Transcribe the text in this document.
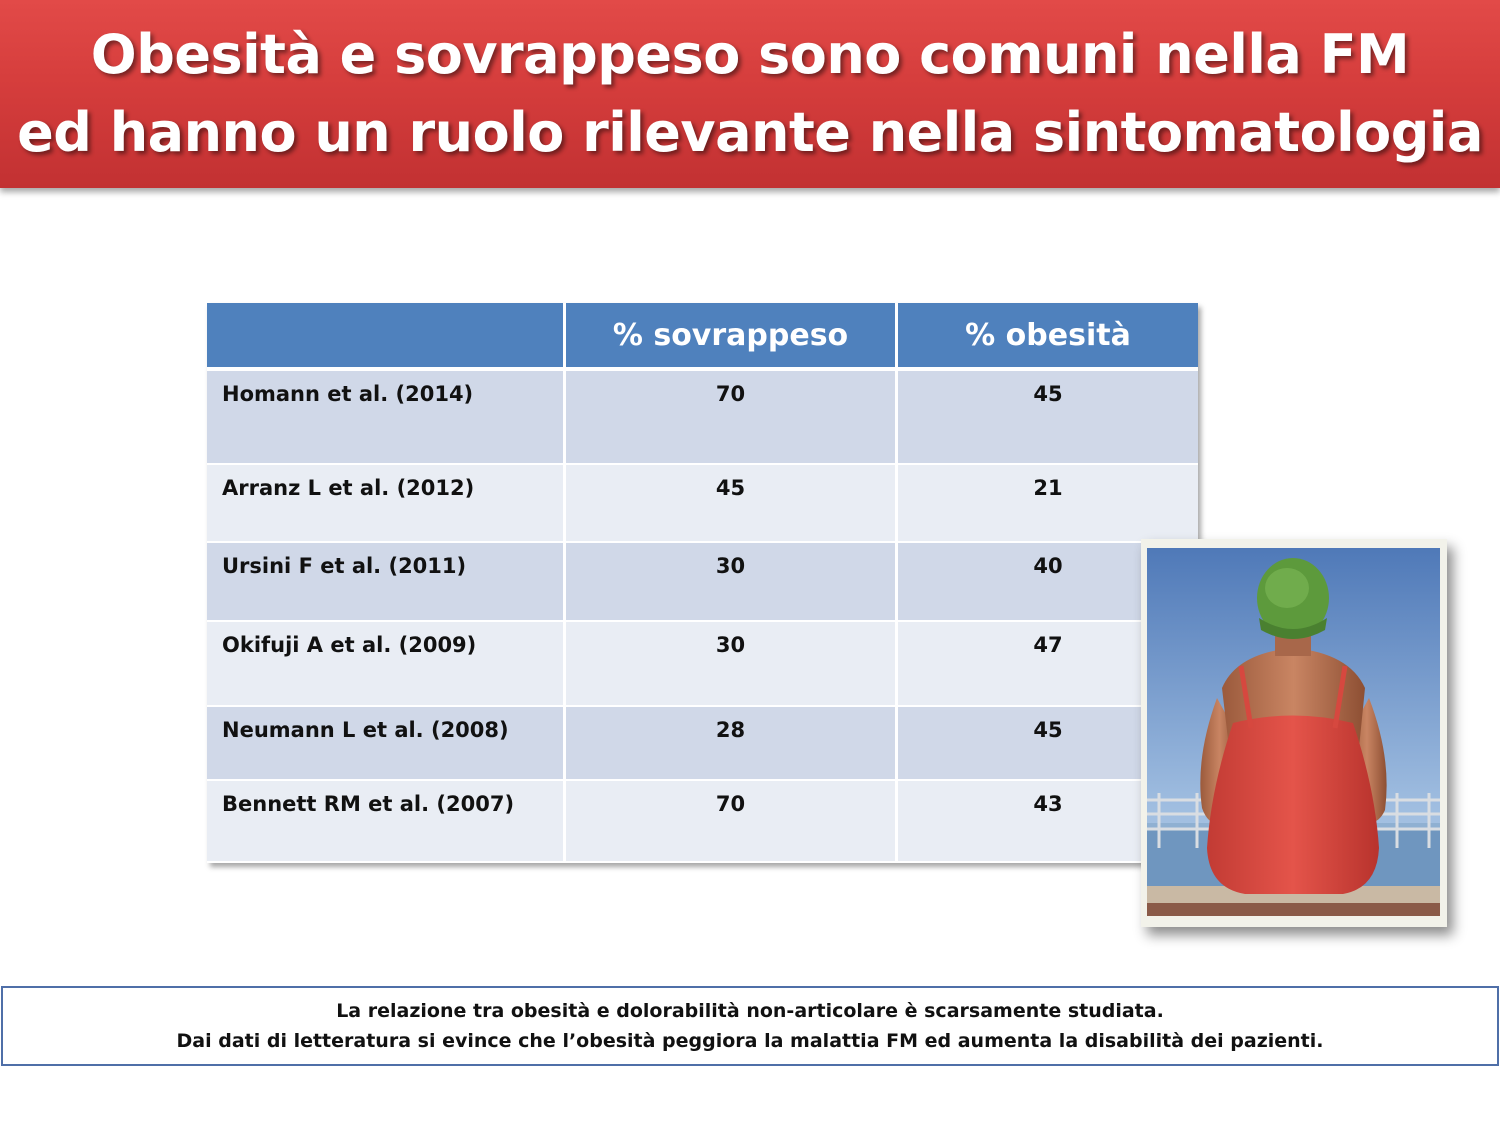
Obesità e sovrappeso sono comuni nella FM
ed hanno un ruolo rilevante nella sintomatologia
	% sovrappeso	% obesità
Homann et al. (2014)	70	45
Arranz L et al. (2012)	45	21
Ursini F et al. (2011)	30	40
Okifuji A et al. (2009)	30	47
Neumann L et al. (2008)	28	45
Bennett RM et al. (2007)	70	43
La relazione tra obesità e dolorabilità non-articolare è scarsamente studiata.
Dai dati di letteratura si evince che l’obesità peggiora la malattia FM ed aumenta la disabilità dei pazienti.
